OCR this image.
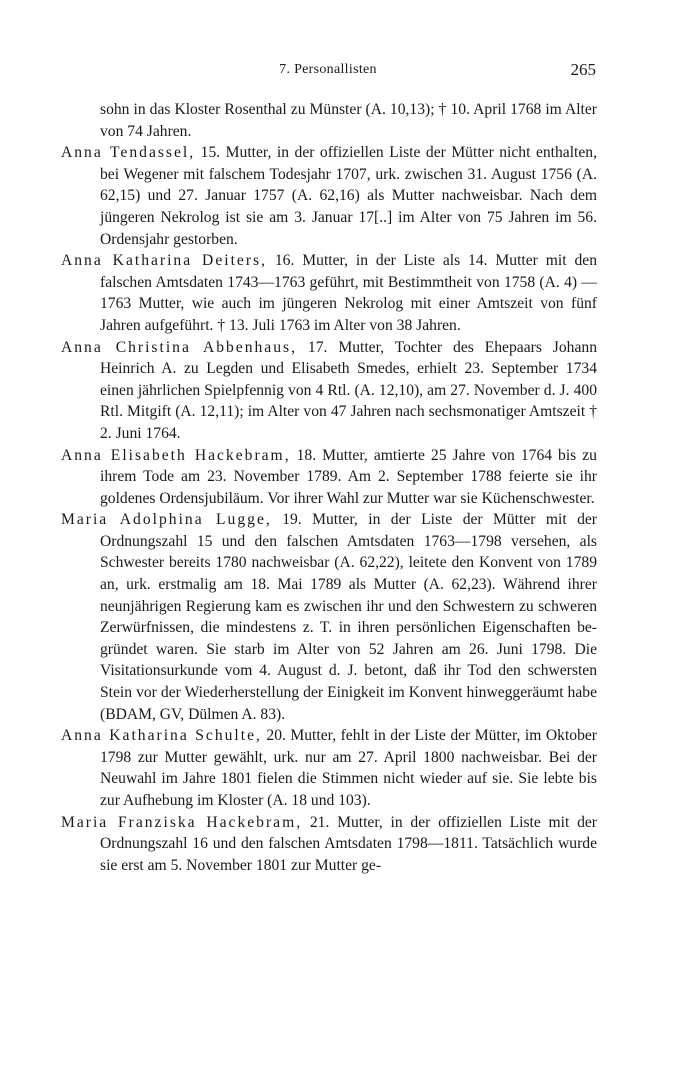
7. Personallisten	265

sohn in das Kloster Rosenthal zu Münster (A. 10,13); † 10. April 1768 im Alter von 74 Jahren.

Anna Tendassel, 15. Mutter, in der offiziellen Liste der Mütter nicht enthalten, bei Wegener mit falschem Todesjahr 1707, urk. zwischen 31. August 1756 (A. 62,15) und 27. Januar 1757 (A. 62,16) als Mutter nachweisbar. Nach dem jüngeren Nekrolog ist sie am 3. Januar 17[..] im Alter von 75 Jahren im 56. Ordensjahr gestorben.

Anna Katharina Deiters, 16. Mutter, in der Liste als 14. Mutter mit den falschen Amtsdaten 1743—1763 geführt, mit Bestimmtheit von 1758 (A. 4) — 1763 Mutter, wie auch im jüngeren Nekrolog mit einer Amtszeit von fünf Jahren aufgeführt. † 13. Juli 1763 im Alter von 38 Jahren.

Anna Christina Abbenhaus, 17. Mutter, Tochter des Ehepaars Johann Heinrich A. zu Legden und Elisabeth Smedes, erhielt 23. September 1734 einen jährlichen Spielpfennig von 4 Rtl. (A. 12,10), am 27. November d. J. 400 Rtl. Mitgift (A. 12,11); im Alter von 47 Jahren nach sechsmonatiger Amtszeit † 2. Juni 1764.

Anna Elisabeth Hackebram, 18. Mutter, amtierte 25 Jahre von 1764 bis zu ihrem Tode am 23. November 1789. Am 2. September 1788 feierte sie ihr goldenes Ordensjubiläum. Vor ihrer Wahl zur Mutter war sie Küchenschwester.

Maria Adolphina Lugge, 19. Mutter, in der Liste der Mütter mit der Ordnungszahl 15 und den falschen Amtsdaten 1763—1798 versehen, als Schwester bereits 1780 nachweisbar (A. 62,22), leitete den Konvent von 1789 an, urk. erstmalig am 18. Mai 1789 als Mutter (A. 62,23). Während ihrer neunjährigen Regierung kam es zwischen ihr und den Schwestern zu schweren Zerwürfnissen, die mindestens z. T. in ihren persönlichen Eigenschaften begründet waren. Sie starb im Alter von 52 Jahren am 26. Juni 1798. Die Visitationsurkunde vom 4. August d. J. betont, daß ihr Tod den schwersten Stein vor der Wiederherstellung der Einigkeit im Konvent hinweggeräumt habe (BDAM, GV, Dülmen A. 83).

Anna Katharina Schulte, 20. Mutter, fehlt in der Liste der Mütter, im Oktober 1798 zur Mutter gewählt, urk. nur am 27. April 1800 nachweisbar. Bei der Neuwahl im Jahre 1801 fielen die Stimmen nicht wieder auf sie. Sie lebte bis zur Aufhebung im Kloster (A. 18 und 103).

Maria Franziska Hackebram, 21. Mutter, in der offiziellen Liste mit der Ordnungszahl 16 und den falschen Amtsdaten 1798—1811. Tatsächlich wurde sie erst am 5. November 1801 zur Mutter ge-
